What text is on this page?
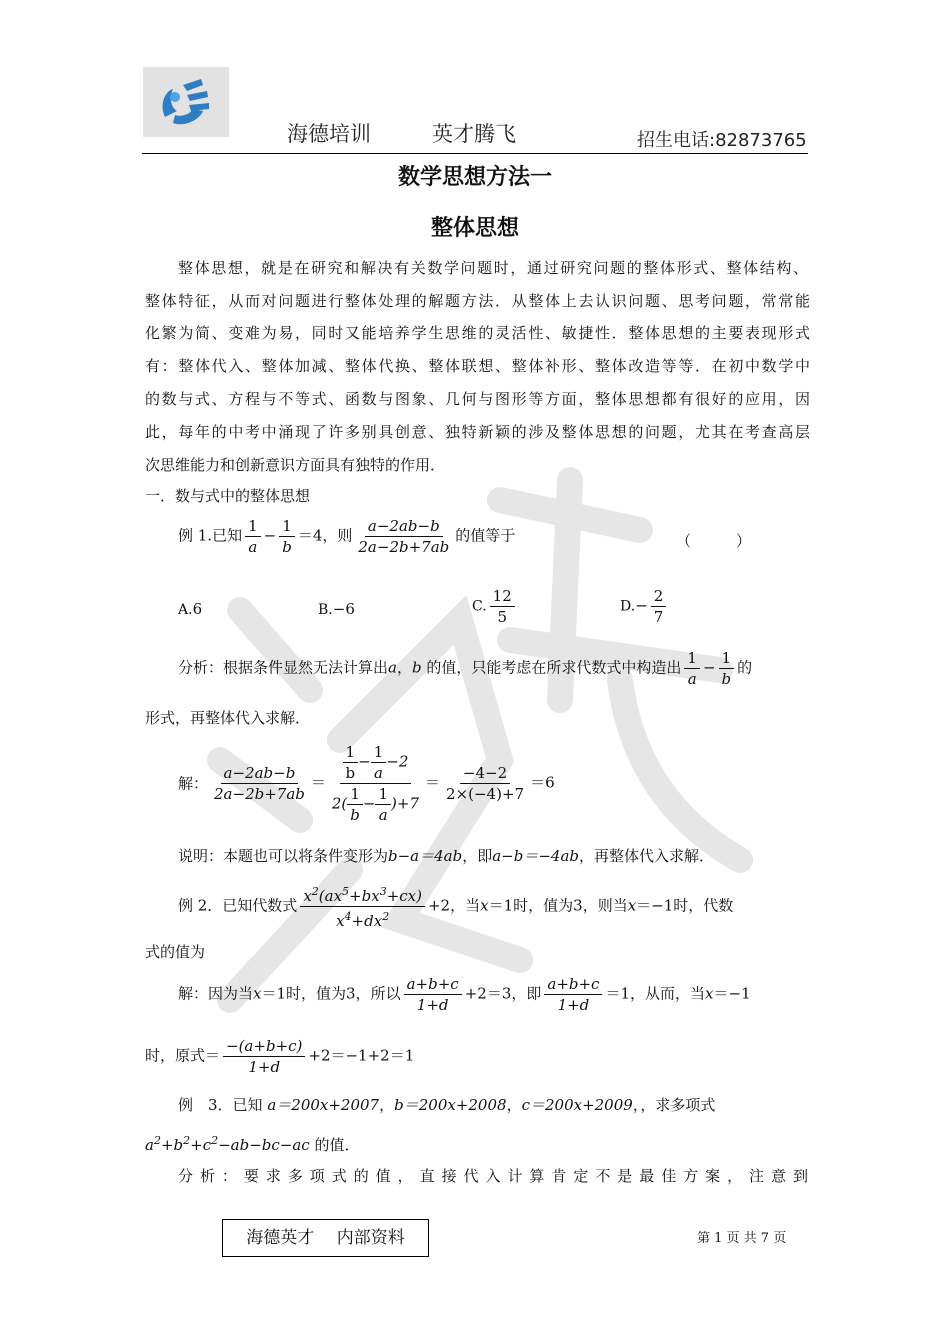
海德培训	英才腾飞	招生电话:82873765
数学思想方法一
整体思想
整体思想，就是在研究和解决有关数学问题时，通过研究问题的整体形式、整体结构、
整体特征，从而对问题进行整体处理的解题方法．从整体上去认识问题、思考问题，常常能
化繁为简、变难为易，同时又能培养学生思维的灵活性、敏捷性．整体思想的主要表现形式
有：整体代入、整体加减、整体代换、整体联想、整体补形、整体改造等等．在初中数学中
的数与式、方程与不等式、函数与图象、几何与图形等方面，整体思想都有很好的应用，因
此，每年的中考中涌现了许多别具创意、独特新颖的涉及整体思想的问题，尤其在考查高层
次思维能力和创新意识方面具有独特的作用．
一．数与式中的整体思想
例 1.已知 $\frac{1}{a} - \frac{1}{b} =4$，则 $\frac{a-2ab-b}{2a-2b+7ab}$ 的值等于	（　　　）
A.6	B.−6	C. $\frac{12}{5}$	$D.- \frac{2}{7}$
分析：根据条件显然无法计算出a，b 的值，只能考虑在所求代数式中构造出 $\frac{1}{a} - \frac{1}{b}$ 的
形式，再整体代入求解．
解： $\frac{a-2ab-b}{2a-2b+7ab} = \frac{\frac{1}{b} - \frac{1}{a} -2}{2( \frac{1}{b} - \frac{1}{a} )+7} = \frac{-4-2}{2\times(-4)+7} =6$
说明：本题也可以将条件变形为b−a＝4ab，即a−b＝−4ab，再整体代入求解．
例 2．已知代数式 $\frac{x^2(ax^5+bx^3+cx)}{x^4+dx^2} +2$，当x＝1时，值为3，则当x＝−1时，代数
式的值为
解：因为当x＝1时，值为3，所以 $\frac{a+b+c}{1+d} +2=3$，即 $\frac{a+b+c}{1+d} =1$，从而，当x＝−1
时，原式＝ $\frac{-(a+b+c)}{1+d} +2=-1+2=1$
例　3．已知 a＝200x+2007，b＝200x+2008，c＝200x+2009，，求多项式
$a^2+b^2+c^2-ab-bc-ac$ 的值．
分析：要求多项式的值，直接代入计算肯定不是最佳方案，注意到
海德英才　 内部资料	第 1 页 共 7 页
